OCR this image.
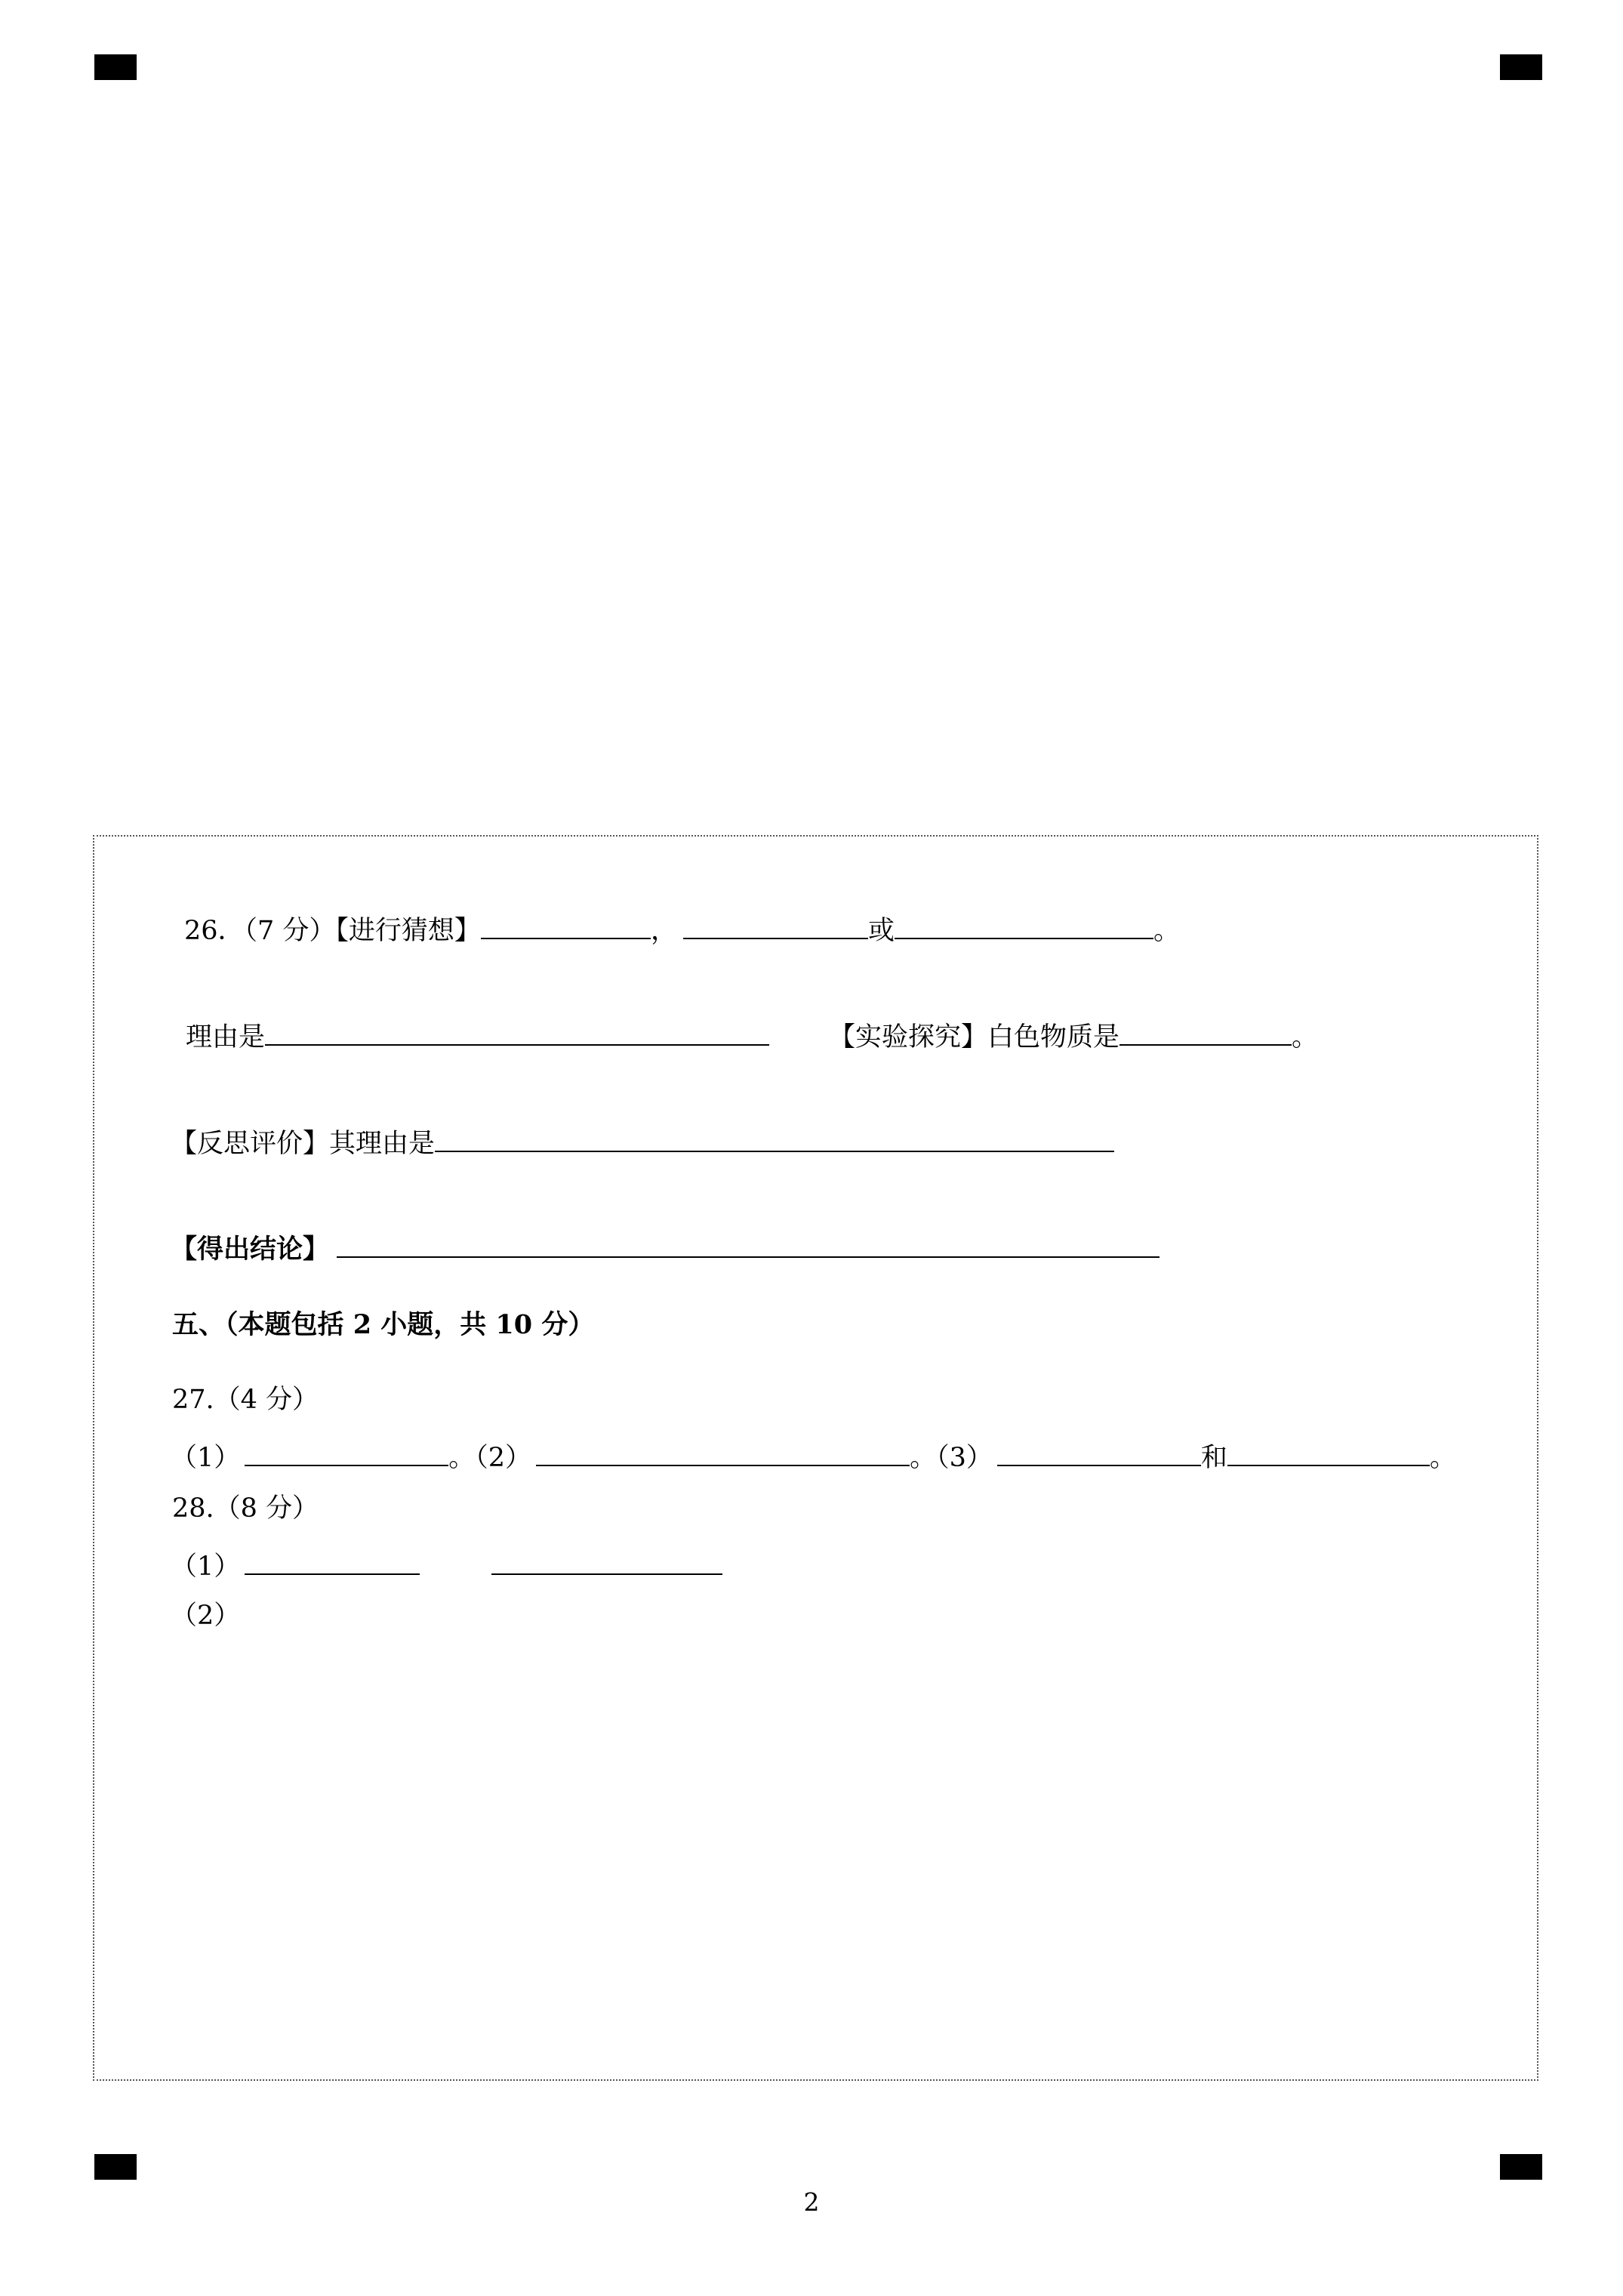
26．（7 分）【进行猜想】	，	或	。
理由是	【实验探究】白色物质是	。
【反思评价】其理由是
【得出结论】
五、（本题包括 2 小题，共 10 分）
27.（4 分）
（1）	。（2）	。（3）	和	。
28.（8 分）
（1）
（2）
2
